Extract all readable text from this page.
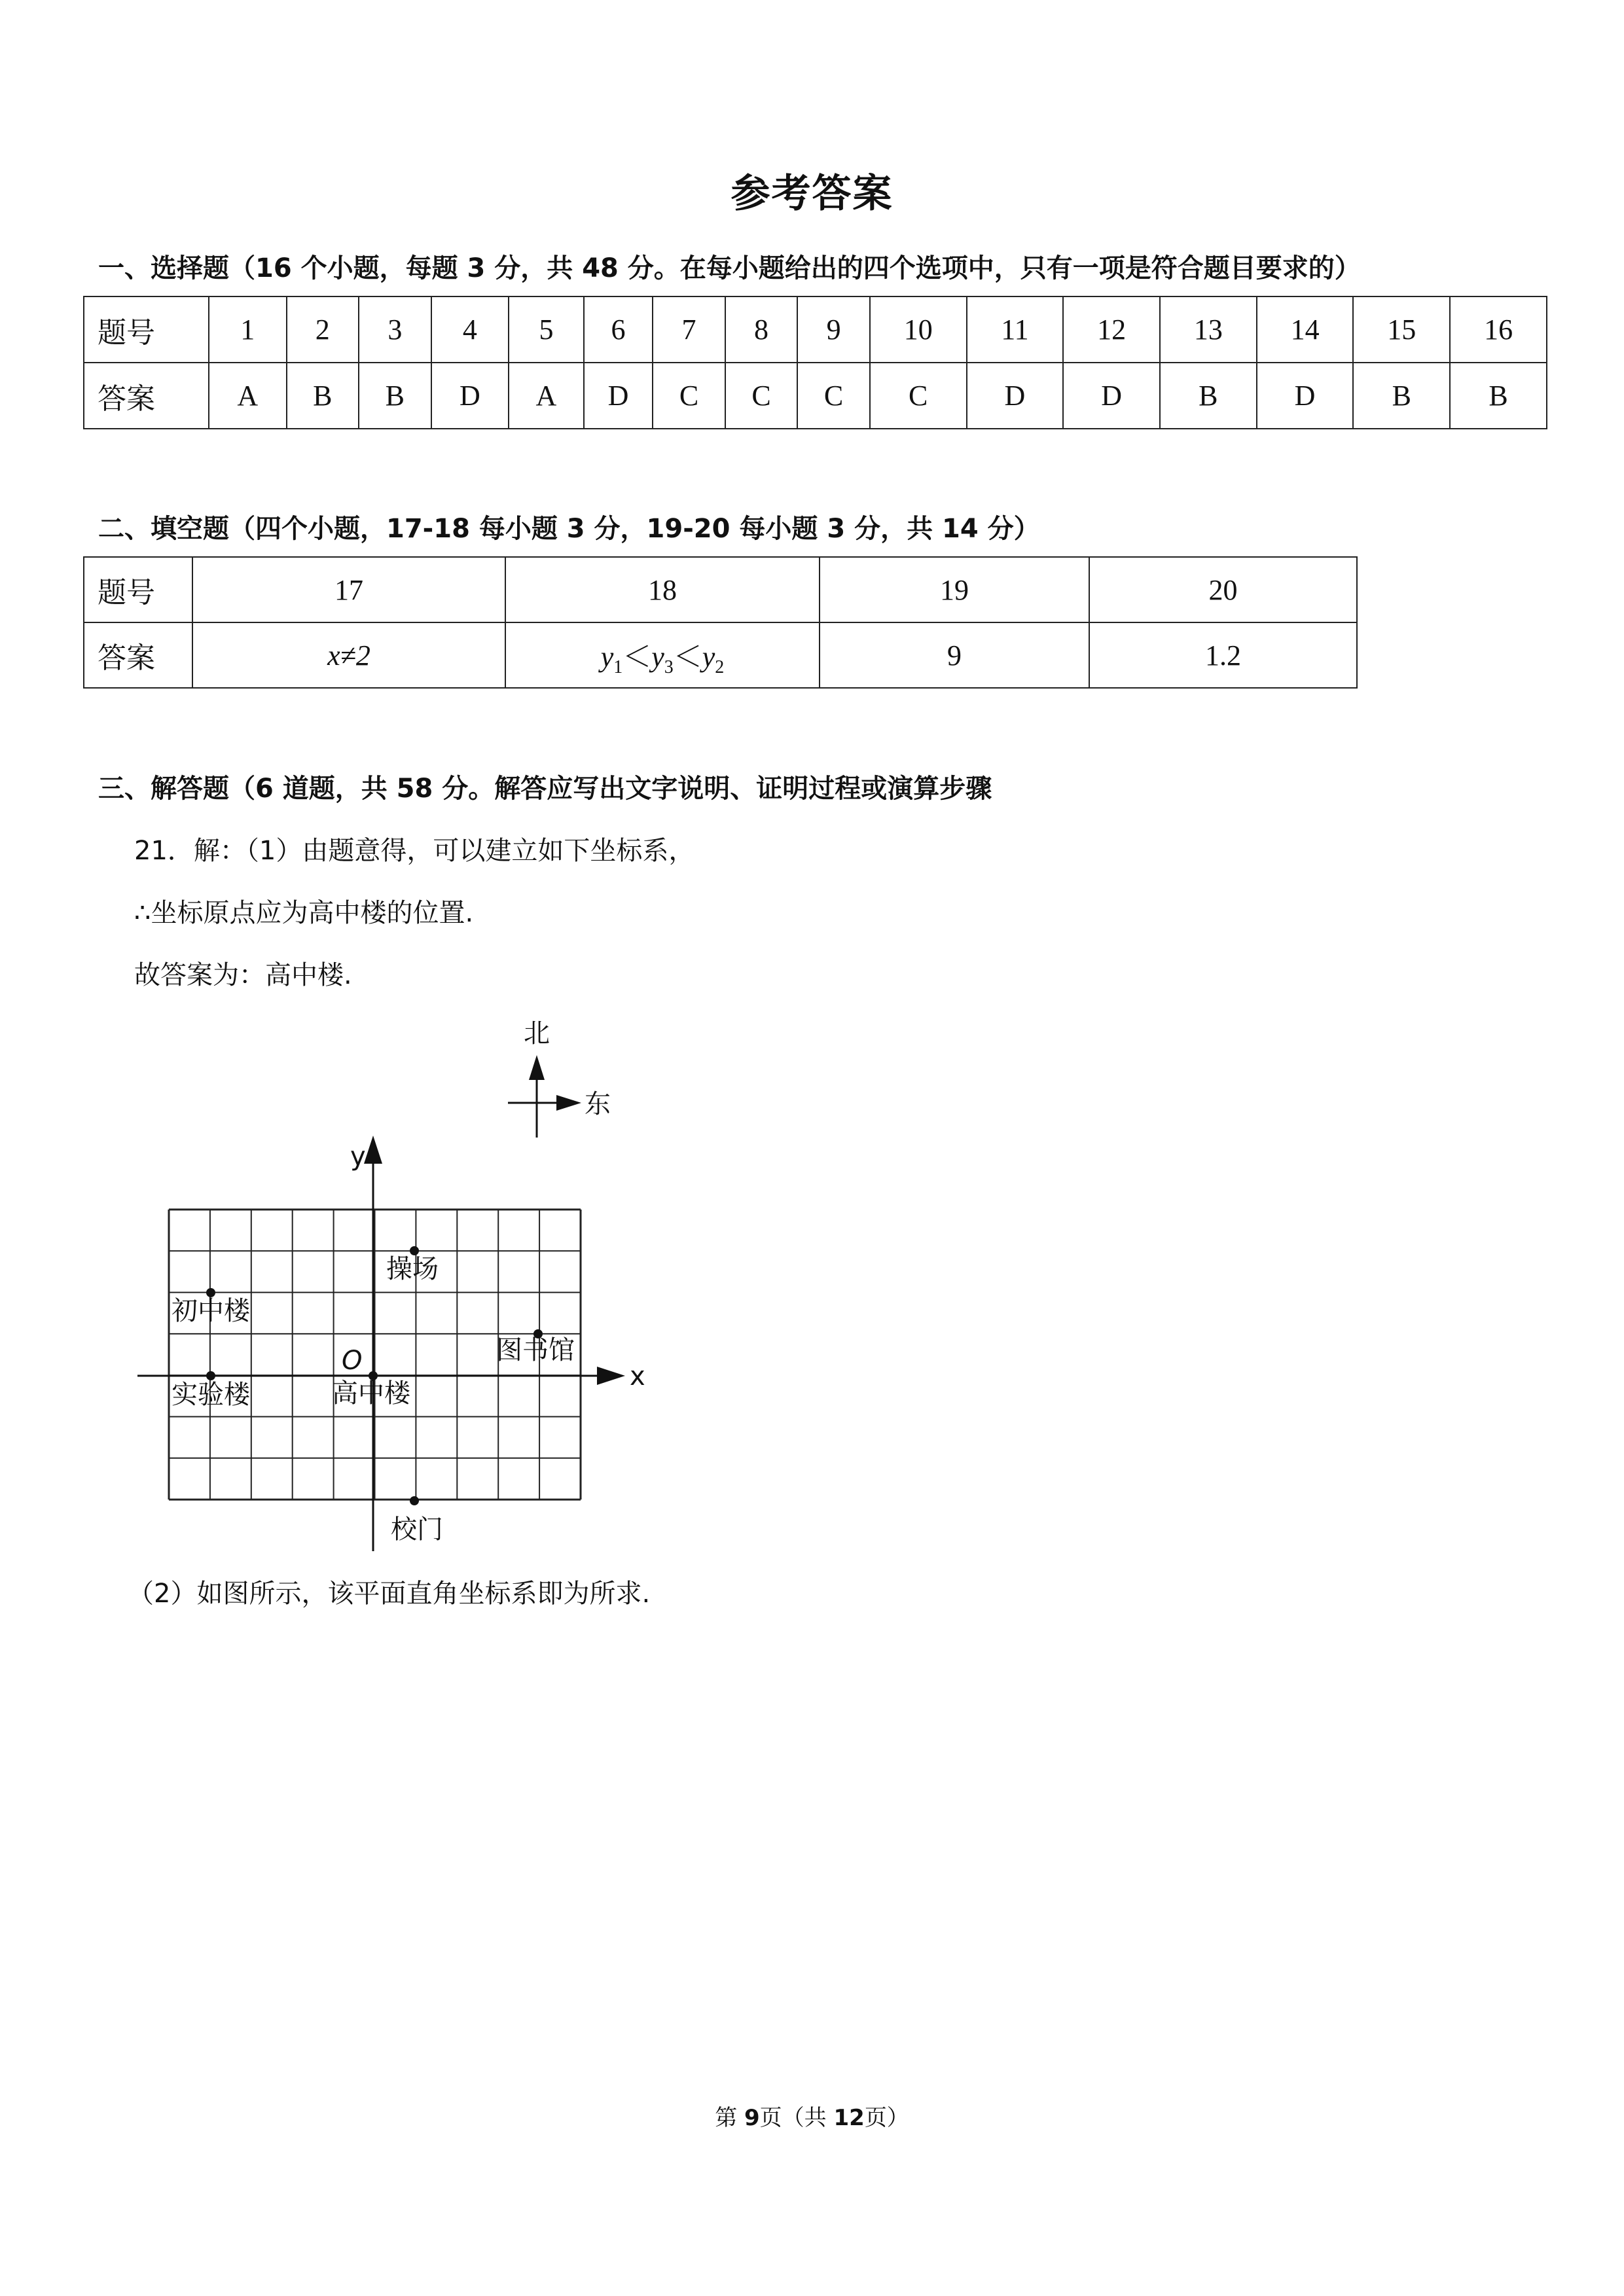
参考答案
一、选择题（16 个小题，每题 3 分，共 48 分。在每小题给出的四个选项中，只有一项是符合题目要求的）
题号	1	2	3	4	5	6	7	8	9	10	11	12	13	14	15	16
答案	A	B	B	D	A	D	C	C	C	C	D	D	B	D	B	B
二、填空题（四个小题，17-18 每小题 3 分，19-20 每小题 3 分，共 14 分）
题号	17	18	19	20
答案	x≠2	$y_1<y_3<y_2$	9	1.2
三、解答题（6 道题，共 58 分。解答应写出文字说明、证明过程或演算步骤
21．解：（1）由题意得，可以建立如下坐标系，
∴坐标原点应为高中楼的位置.
故答案为：高中楼.
北
东
x
y
O
操场
初中楼
图书馆
实验楼	高中楼
校门
（2）如图所示，该平面直角坐标系即为所求.
第 9页（共 12页）
